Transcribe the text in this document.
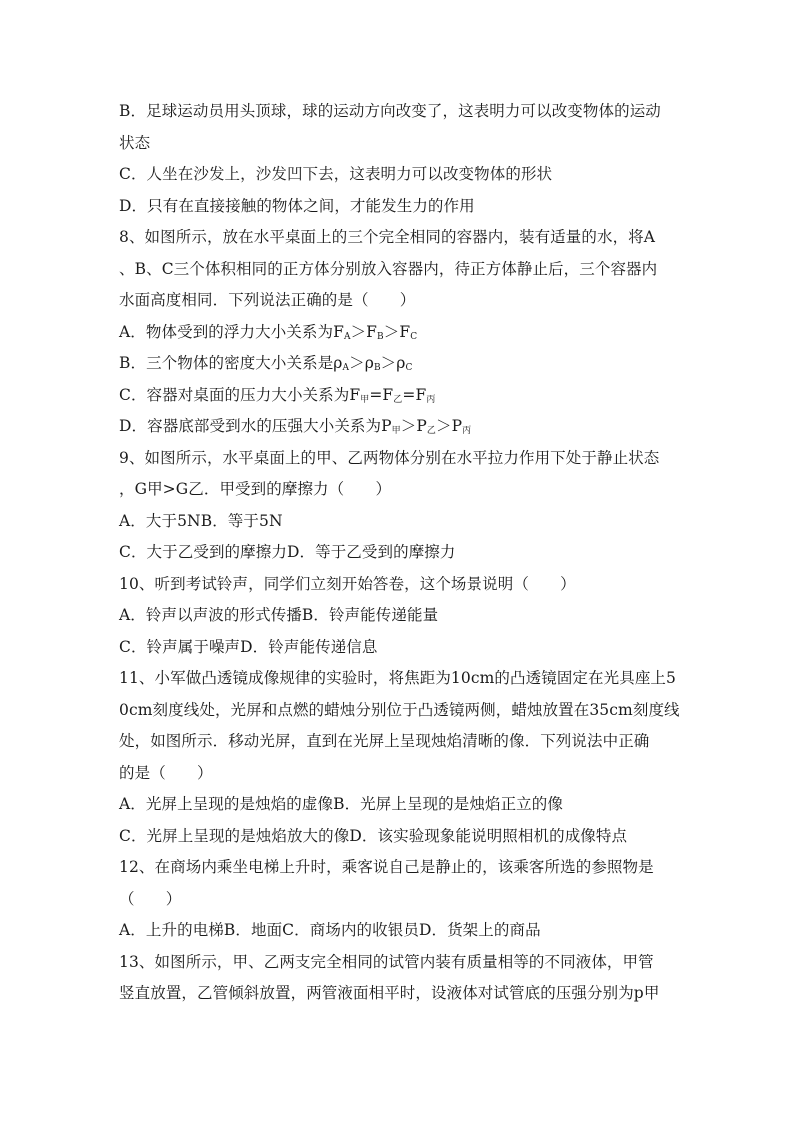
B．足球运动员用头顶球，球的运动方向改变了，这表明力可以改变物体的运动
状态
C．人坐在沙发上，沙发凹下去，这表明力可以改变物体的形状
D．只有在直接接触的物体之间，才能发生力的作用
8、如图所示，放在水平桌面上的三个完全相同的容器内，装有适量的水，将A
、B、C三个体积相同的正方体分别放入容器内，待正方体静止后，三个容器内
水面高度相同．下列说法正确的是（　　）
A．物体受到的浮力大小关系为$F_A>F_B>F_C$
B．三个物体的密度大小关系是$\rho_A>\rho_B>\rho_C$
C．容器对桌面的压力大小关系为$F_甲=F_乙=F_丙$
D．容器底部受到水的压强大小关系为$P_甲>P_乙>P_丙$
9、如图所示，水平桌面上的甲、乙两物体分别在水平拉力作用下处于静止状态
，G甲>G乙．甲受到的摩擦力（　　）
A．大于5NB．等于5N
C．大于乙受到的摩擦力D．等于乙受到的摩擦力
10、听到考试铃声，同学们立刻开始答卷，这个场景说明（　　）
A．铃声以声波的形式传播B．铃声能传递能量
C．铃声属于噪声D．铃声能传递信息
11、小军做凸透镜成像规律的实验时，将焦距为10cm的凸透镜固定在光具座上5
0cm刻度线处，光屏和点燃的蜡烛分别位于凸透镜两侧，蜡烛放置在35cm刻度线
处，如图所示．移动光屏，直到在光屏上呈现烛焰清晰的像．下列说法中正确
的是（　　）
A．光屏上呈现的是烛焰的虚像B．光屏上呈现的是烛焰正立的像
C．光屏上呈现的是烛焰放大的像D．该实验现象能说明照相机的成像特点
12、在商场内乘坐电梯上升时，乘客说自己是静止的，该乘客所选的参照物是
（　　）
A．上升的电梯B．地面C．商场内的收银员D．货架上的商品
13、如图所示，甲、乙两支完全相同的试管内装有质量相等的不同液体，甲管
竖直放置，乙管倾斜放置，两管液面相平时，设液体对试管底的压强分别为p甲
